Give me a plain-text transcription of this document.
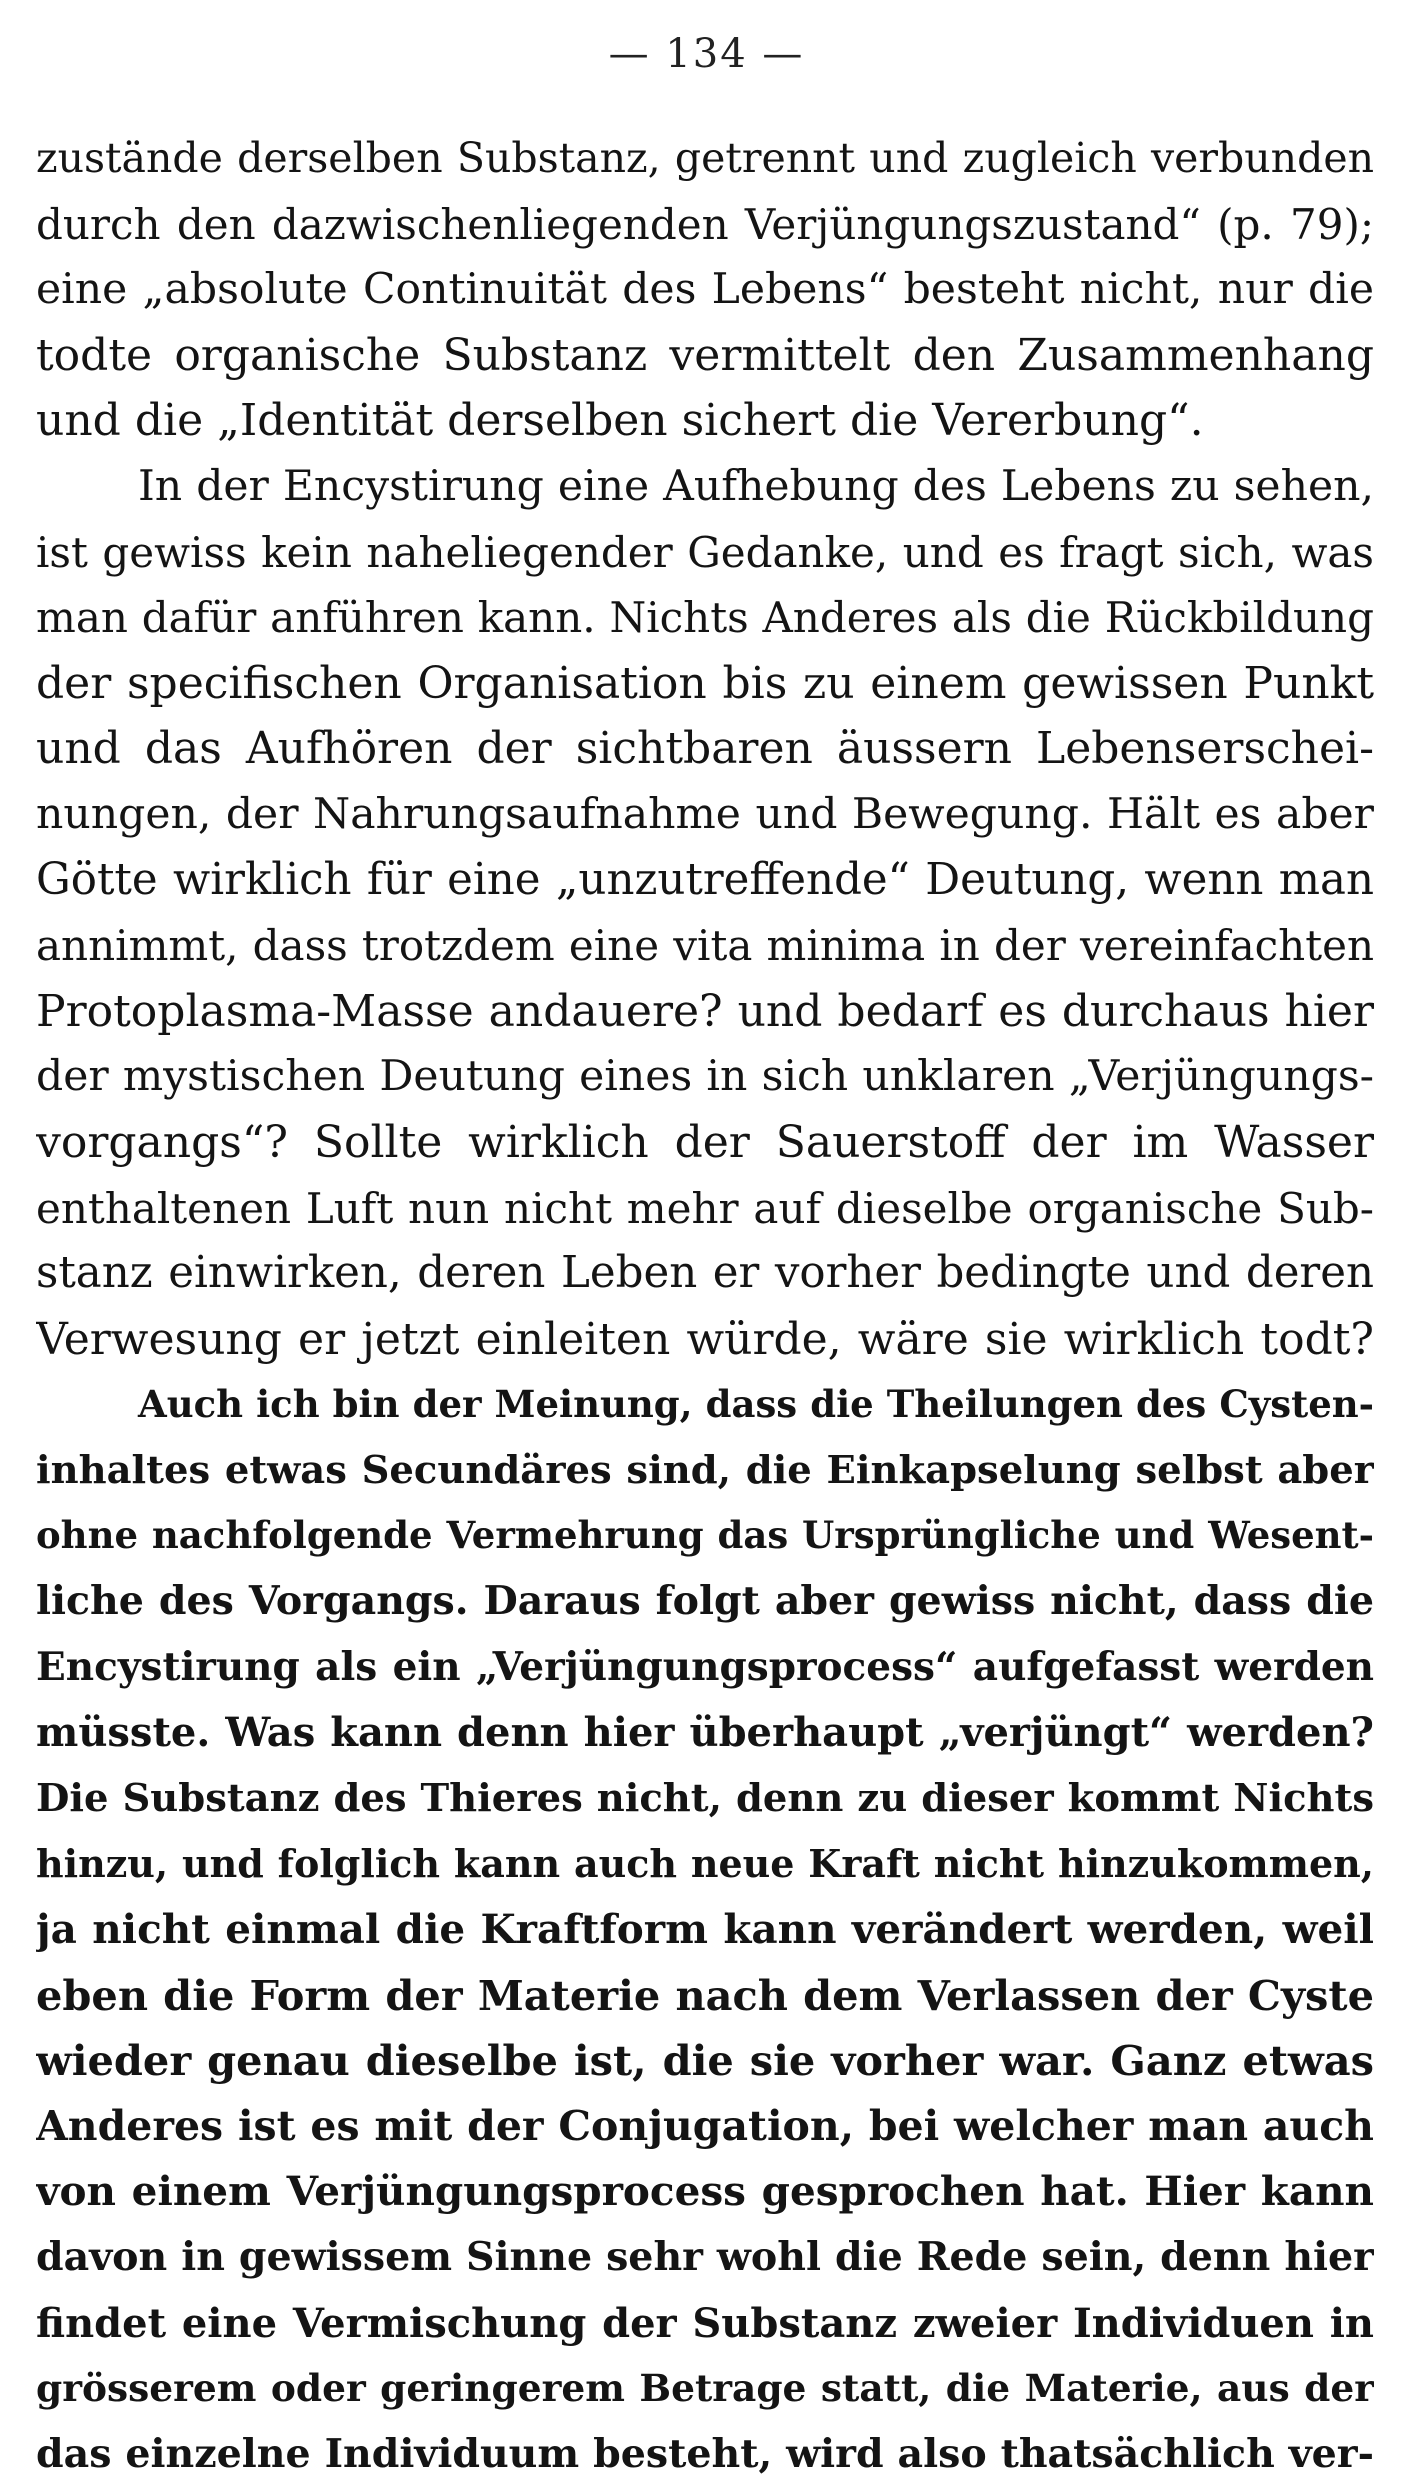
— 134 —
zustände derselben Substanz, getrennt und zugleich verbunden
durch den dazwischenliegenden Verjüngungszustand“ (p. 79);
eine „absolute Continuität des Lebens“ besteht nicht, nur die
todte organische Substanz vermittelt den Zusammenhang
und die „Identität derselben sichert die Vererbung“.
In der Encystirung eine Aufhebung des Lebens zu sehen,
ist gewiss kein naheliegender Gedanke, und es fragt sich, was
man dafür anführen kann. Nichts Anderes als die Rückbildung
der specifischen Organisation bis zu einem gewissen Punkt
und das Aufhören der sichtbaren äussern Lebenserschei-
nungen, der Nahrungsaufnahme und Bewegung. Hält es aber
Götte wirklich für eine „unzutreffende“ Deutung, wenn man
annimmt, dass trotzdem eine vita minima in der vereinfachten
Protoplasma-Masse andauere? und bedarf es durchaus hier
der mystischen Deutung eines in sich unklaren „Verjüngungs-
vorgangs“? Sollte wirklich der Sauerstoff der im Wasser
enthaltenen Luft nun nicht mehr auf dieselbe organische Sub-
stanz einwirken, deren Leben er vorher bedingte und deren
Verwesung er jetzt einleiten würde, wäre sie wirklich todt?
Auch ich bin der Meinung, dass die Theilungen des Cysten-
inhaltes etwas Secundäres sind, die Einkapselung selbst aber
ohne nachfolgende Vermehrung das Ursprüngliche und Wesent-
liche des Vorgangs. Daraus folgt aber gewiss nicht, dass die
Encystirung als ein „Verjüngungsprocess“ aufgefasst werden
müsste. Was kann denn hier überhaupt „verjüngt“ werden?
Die Substanz des Thieres nicht, denn zu dieser kommt Nichts
hinzu, und folglich kann auch neue Kraft nicht hinzukommen,
ja nicht einmal die Kraftform kann verändert werden, weil
eben die Form der Materie nach dem Verlassen der Cyste
wieder genau dieselbe ist, die sie vorher war. Ganz etwas
Anderes ist es mit der Conjugation, bei welcher man auch
von einem Verjüngungsprocess gesprochen hat. Hier kann
davon in gewissem Sinne sehr wohl die Rede sein, denn hier
findet eine Vermischung der Substanz zweier Individuen in
grösserem oder geringerem Betrage statt, die Materie, aus der
das einzelne Individuum besteht, wird also thatsächlich ver-
